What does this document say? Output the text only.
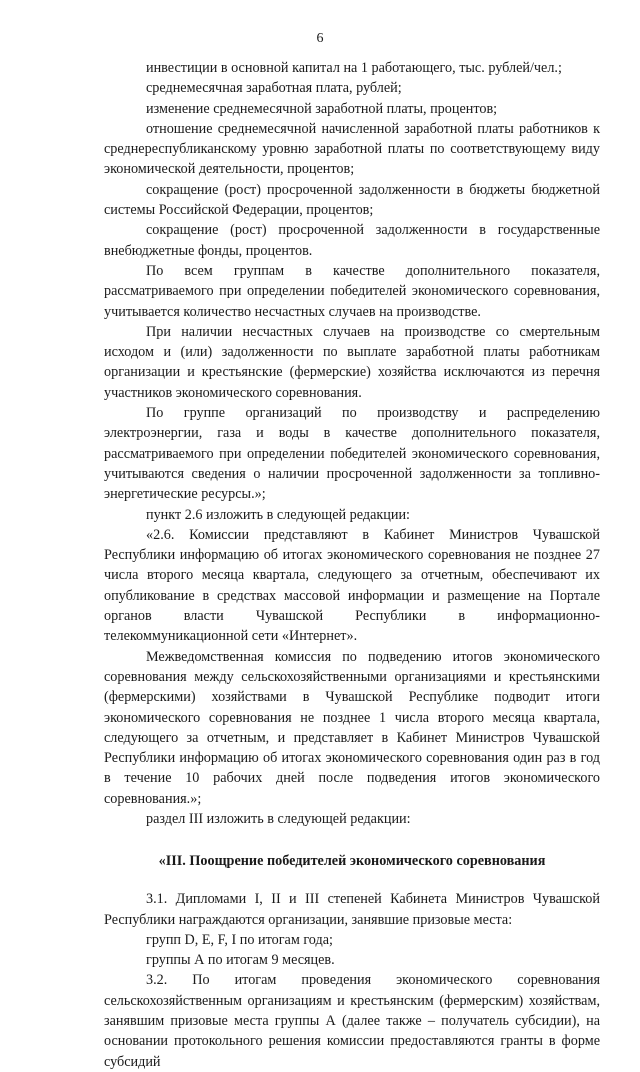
6

инвестиции в основной капитал на 1 работающего, тыс. рублей/чел.;

среднемесячная заработная плата, рублей;

изменение среднемесячной заработной платы, процентов;

отношение среднемесячной начисленной заработной платы работников к среднереспубликанскому уровню заработной платы по соответствующему виду экономической деятельности, процентов;

сокращение (рост) просроченной задолженности в бюджеты бюджетной системы Российской Федерации, процентов;

сокращение (рост) просроченной задолженности в государственные внебюджетные фонды, процентов.

По всем группам в качестве дополнительного показателя, рассматриваемого при определении победителей экономического соревнования, учитывается количество несчастных случаев на производстве.

При наличии несчастных случаев на производстве со смертельным исходом и (или) задолженности по выплате заработной платы работникам организации и крестьянские (фермерские) хозяйства исключаются из перечня участников экономического соревнования.

По группе организаций по производству и распределению электроэнергии, газа и воды в качестве дополнительного показателя, рассматриваемого при определении победителей экономического соревнования, учитываются сведения о наличии просроченной задолженности за топливно-энергетические ресурсы.»;

пункт 2.6 изложить в следующей редакции:

«2.6. Комиссии представляют в Кабинет Министров Чувашской Республики информацию об итогах экономического соревнования не позднее 27 числа второго месяца квартала, следующего за отчетным, обеспечивают их опубликование в средствах массовой информации и размещение на Портале органов власти Чувашской Республики в информационно-телекоммуникационной сети «Интернет».

Межведомственная комиссия по подведению итогов экономического соревнования между сельскохозяйственными организациями и крестьянскими (фермерскими) хозяйствами в Чувашской Республике подводит итоги экономического соревнования не позднее 1 числа второго месяца квартала, следующего за отчетным, и представляет в Кабинет Министров Чувашской Республики информацию об итогах экономического соревнования один раз в год в течение 10 рабочих дней после подведения итогов экономического соревнования.»;

раздел III изложить в следующей редакции:

«III. Поощрение победителей экономического соревнования

3.1. Дипломами I, II и III степеней Кабинета Министров Чувашской Республики награждаются организации, занявшие призовые места:

групп D, E, F, I по итогам года;

группы А по итогам 9 месяцев.

3.2. По итогам проведения экономического соревнования сельскохозяйственным организациям и крестьянским (фермерским) хозяйствам, занявшим призовые места группы А (далее также – получатель субсидии), на основании протокольного решения комиссии предоставляются гранты в форме субсидий
